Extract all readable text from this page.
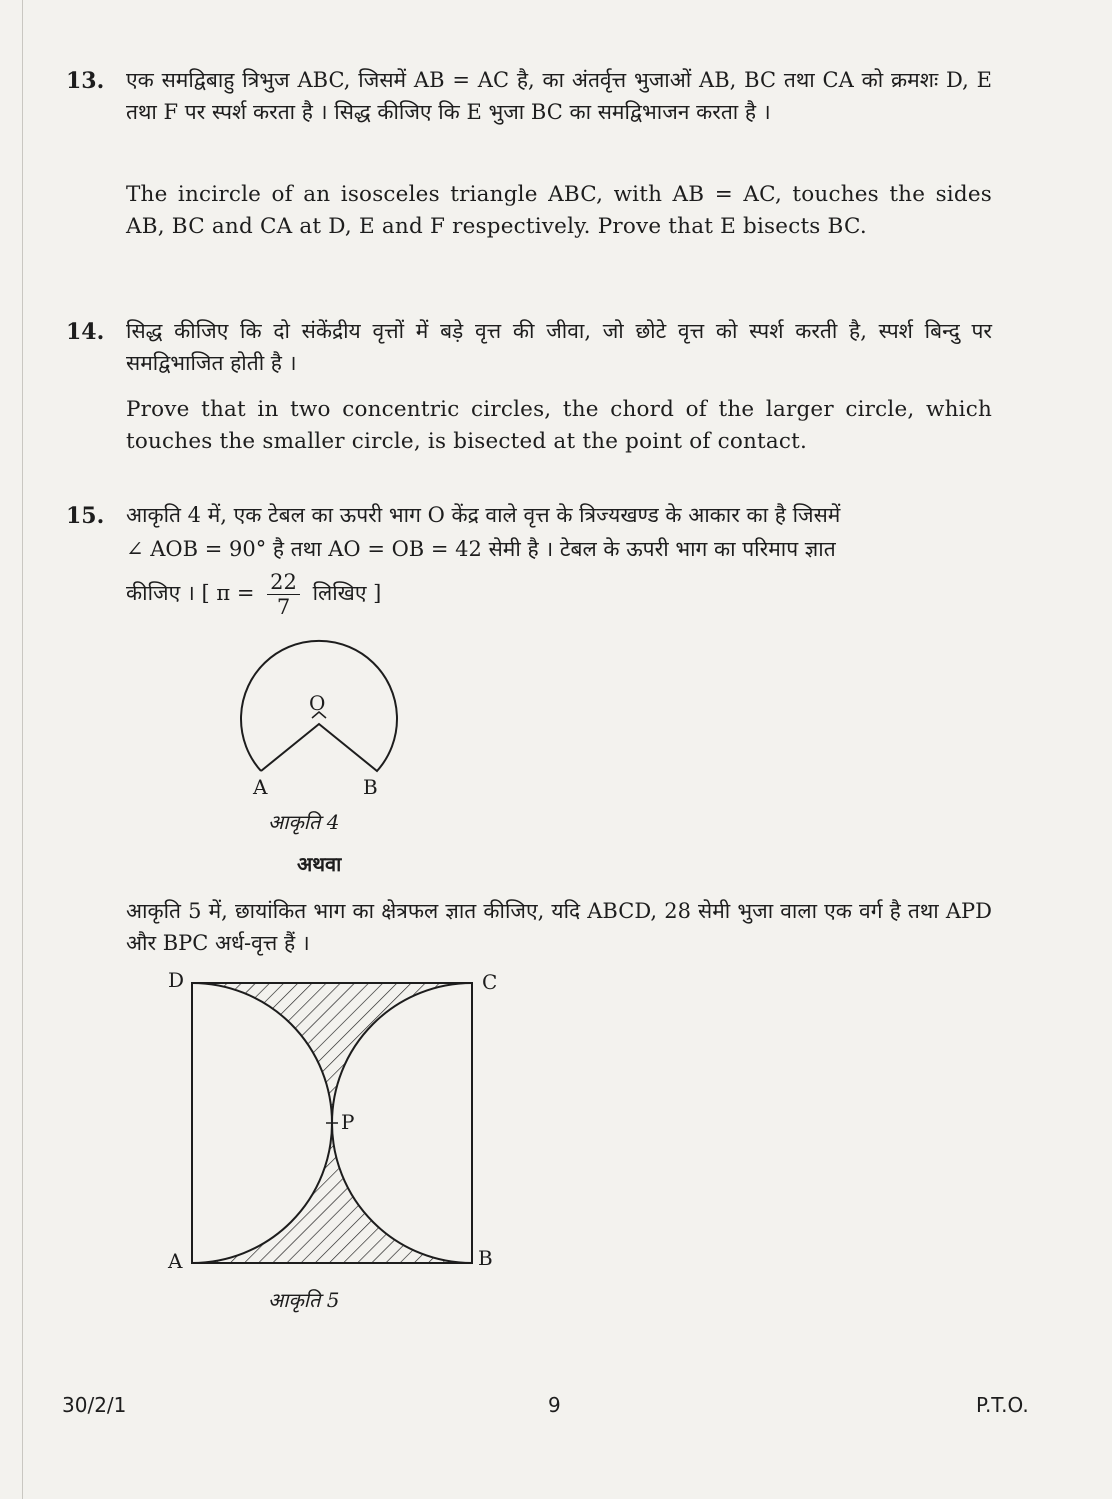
13. एक समद्विबाहु त्रिभुज ABC, जिसमें AB = AC है, का अंतर्वृत्त भुजाओं AB, BC तथा CA को क्रमशः D, E तथा F पर स्पर्श करता है । सिद्ध कीजिए कि E भुजा BC का समद्विभाजन करता है ।
The incircle of an isosceles triangle ABC, with AB = AC, touches the sides AB, BC and CA at D, E and F respectively. Prove that E bisects BC.
14. सिद्ध कीजिए कि दो संकेंद्रीय वृत्तों में बड़े वृत्त की जीवा, जो छोटे वृत्त को स्पर्श करती है, स्पर्श बिन्दु पर समद्विभाजित होती है ।
Prove that in two concentric circles, the chord of the larger circle, which touches the smaller circle, is bisected at the point of contact.
15. आकृति 4 में, एक टेबल का ऊपरी भाग O केंद्र वाले वृत्त के त्रिज्यखण्ड के आकार का है जिसमें
∠ AOB = 90° है तथा AO = OB = 42 सेमी है । टेबल के ऊपरी भाग का परिमाप ज्ञात
कीजिए । [ $\pi = \frac{22}{7}$ लिखिए ]
O
A	B
आकृति 4
अथवा
आकृति 5 में, छायांकित भाग का क्षेत्रफल ज्ञात कीजिए, यदि ABCD, 28 सेमी भुजा वाला एक वर्ग है तथा APD और BPC अर्ध-वृत्त हैं ।
D	C
P
A	B
आकृति 5
30/2/1	9	P.T.O.
